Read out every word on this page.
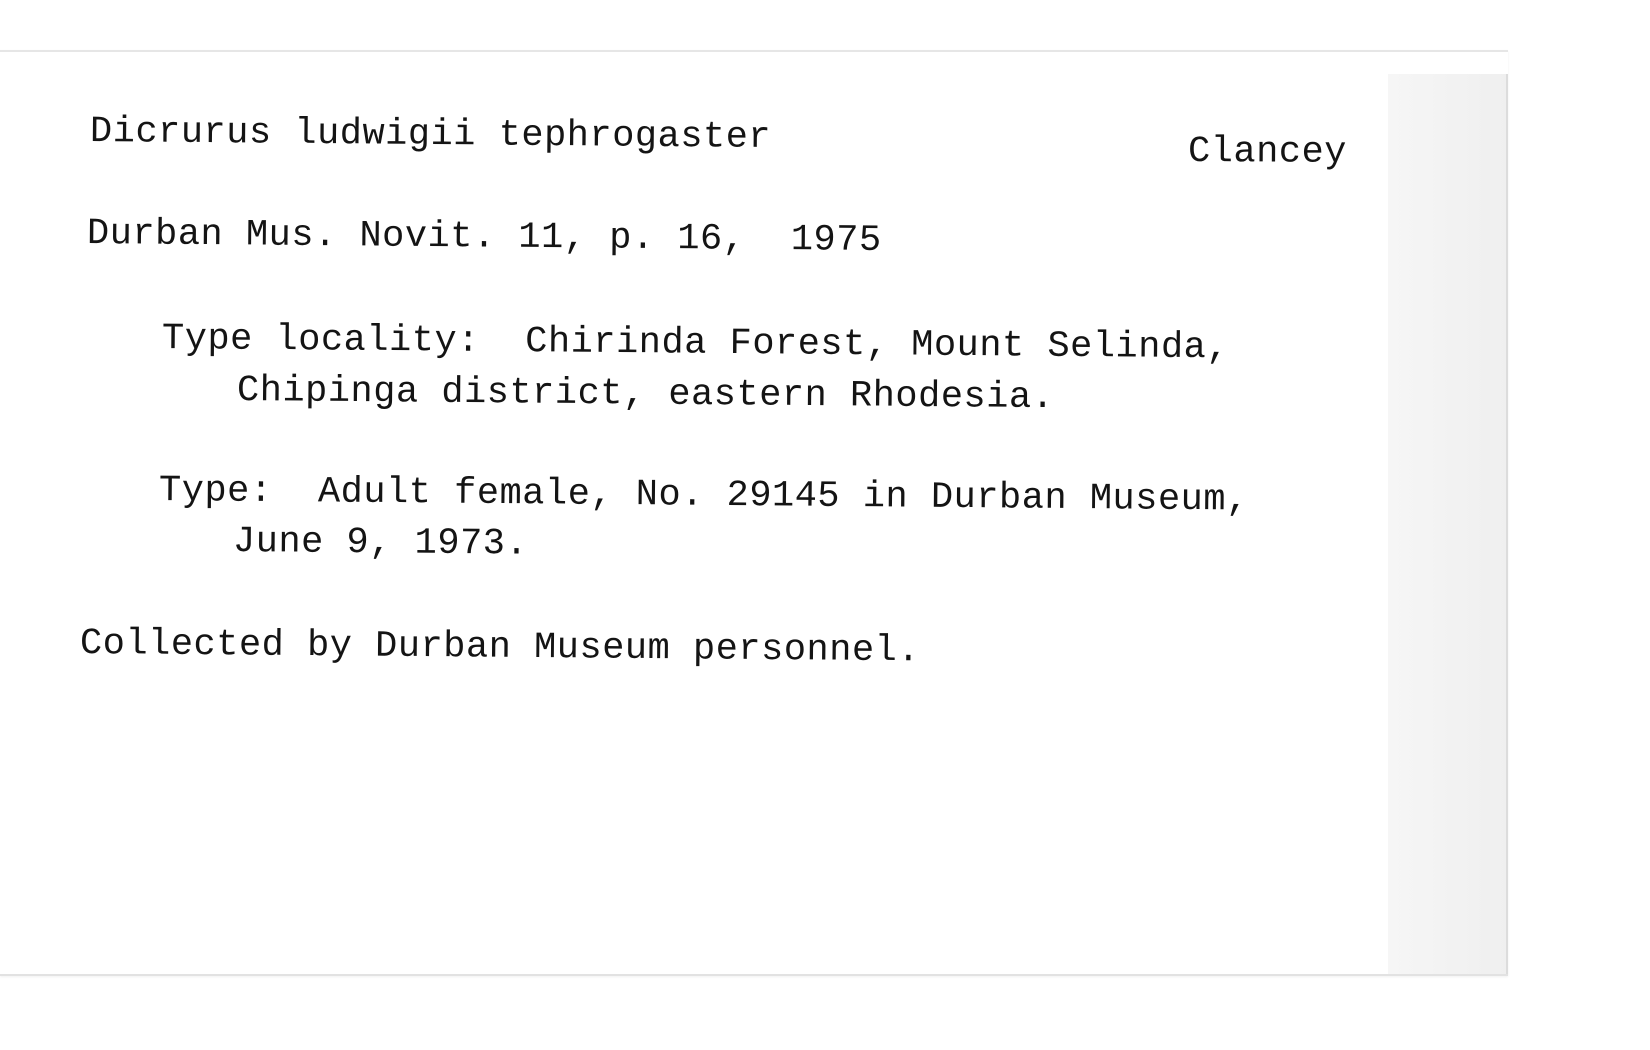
Dicrurus ludwigii tephrogaster	Clancey
Durban Mus. Novit. 11, p. 16,  1975
Type locality:  Chirinda Forest, Mount Selinda,
Chipinga district, eastern Rhodesia.
Type:  Adult female, No. 29145 in Durban Museum,
June 9, 1973.
Collected by Durban Museum personnel.
